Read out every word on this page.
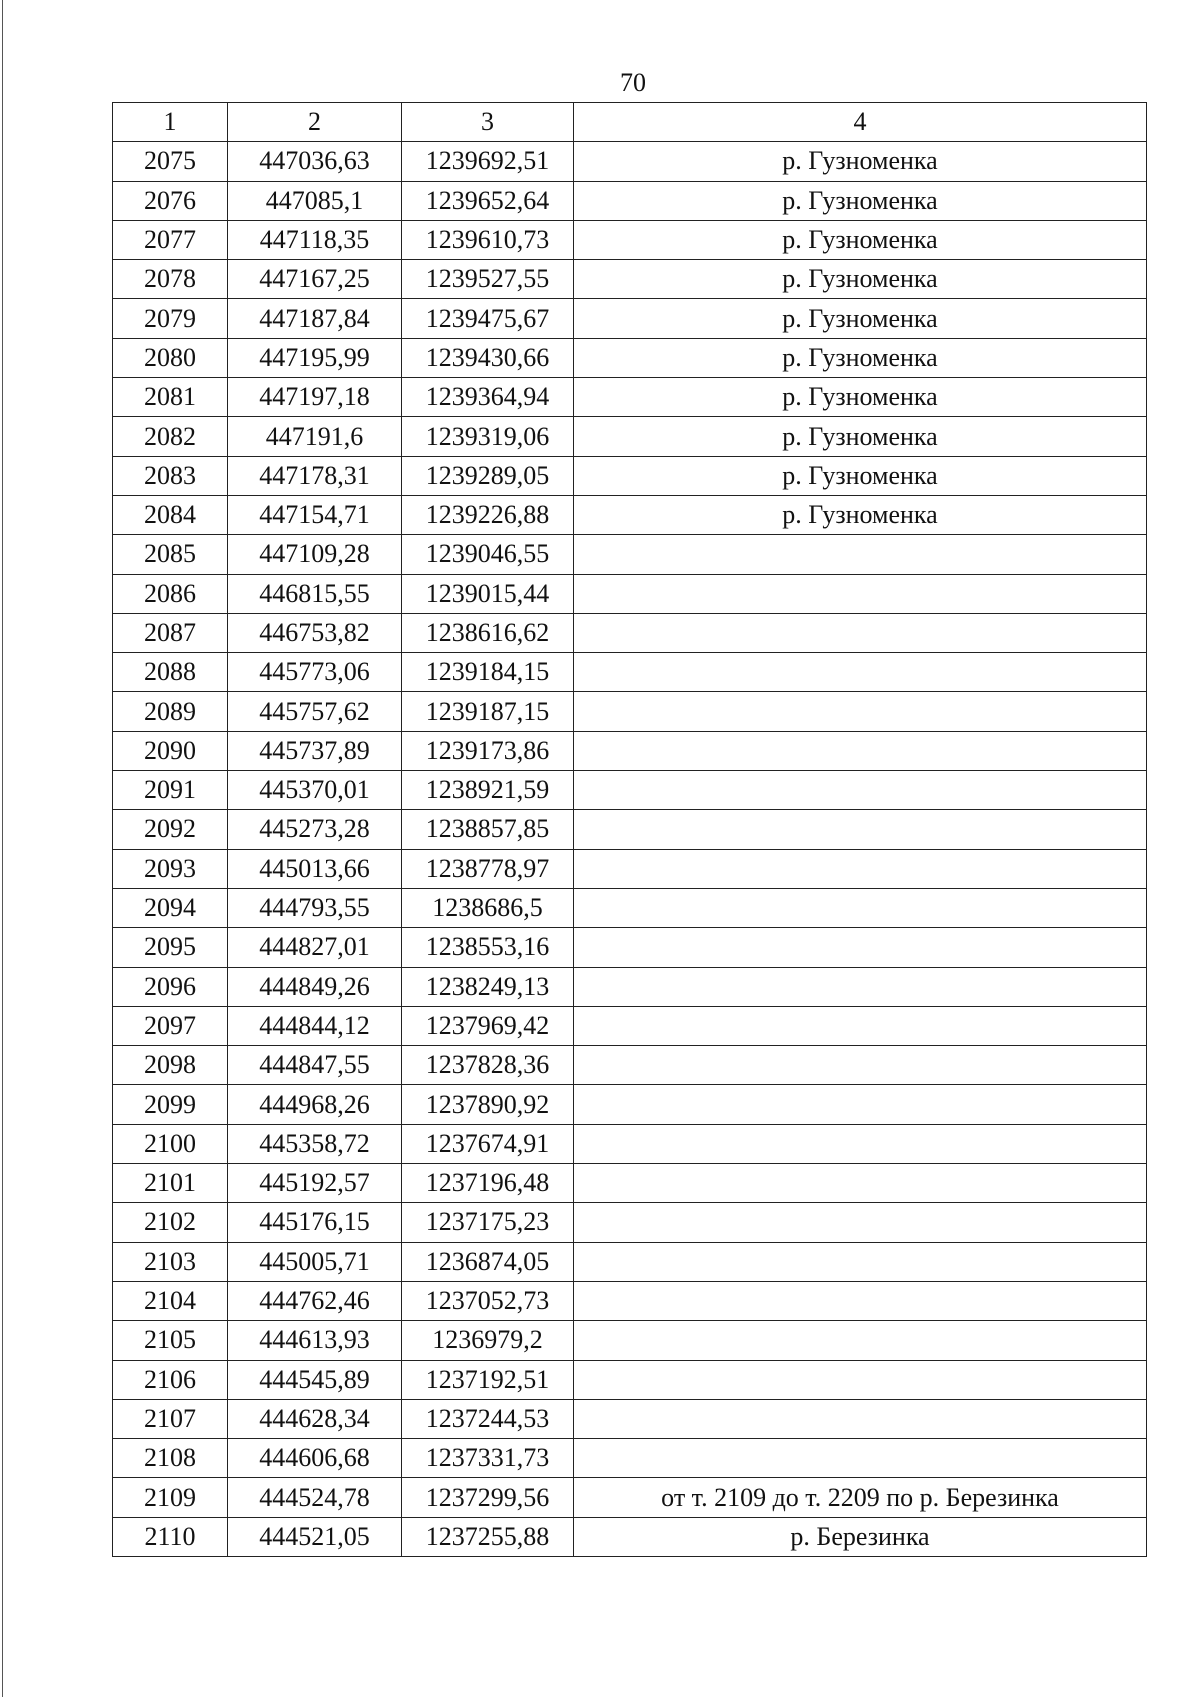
70
1	2	3	4
2075	447036,63	1239692,51	р. Гузноменка
2076	447085,1	1239652,64	р. Гузноменка
2077	447118,35	1239610,73	р. Гузноменка
2078	447167,25	1239527,55	р. Гузноменка
2079	447187,84	1239475,67	р. Гузноменка
2080	447195,99	1239430,66	р. Гузноменка
2081	447197,18	1239364,94	р. Гузноменка
2082	447191,6	1239319,06	р. Гузноменка
2083	447178,31	1239289,05	р. Гузноменка
2084	447154,71	1239226,88	р. Гузноменка
2085	447109,28	1239046,55	
2086	446815,55	1239015,44	
2087	446753,82	1238616,62	
2088	445773,06	1239184,15	
2089	445757,62	1239187,15	
2090	445737,89	1239173,86	
2091	445370,01	1238921,59	
2092	445273,28	1238857,85	
2093	445013,66	1238778,97	
2094	444793,55	1238686,5	
2095	444827,01	1238553,16	
2096	444849,26	1238249,13	
2097	444844,12	1237969,42	
2098	444847,55	1237828,36	
2099	444968,26	1237890,92	
2100	445358,72	1237674,91	
2101	445192,57	1237196,48	
2102	445176,15	1237175,23	
2103	445005,71	1236874,05	
2104	444762,46	1237052,73	
2105	444613,93	1236979,2	
2106	444545,89	1237192,51	
2107	444628,34	1237244,53	
2108	444606,68	1237331,73	
2109	444524,78	1237299,56	от т. 2109 до т. 2209 по р. Березинка
2110	444521,05	1237255,88	р. Березинка
